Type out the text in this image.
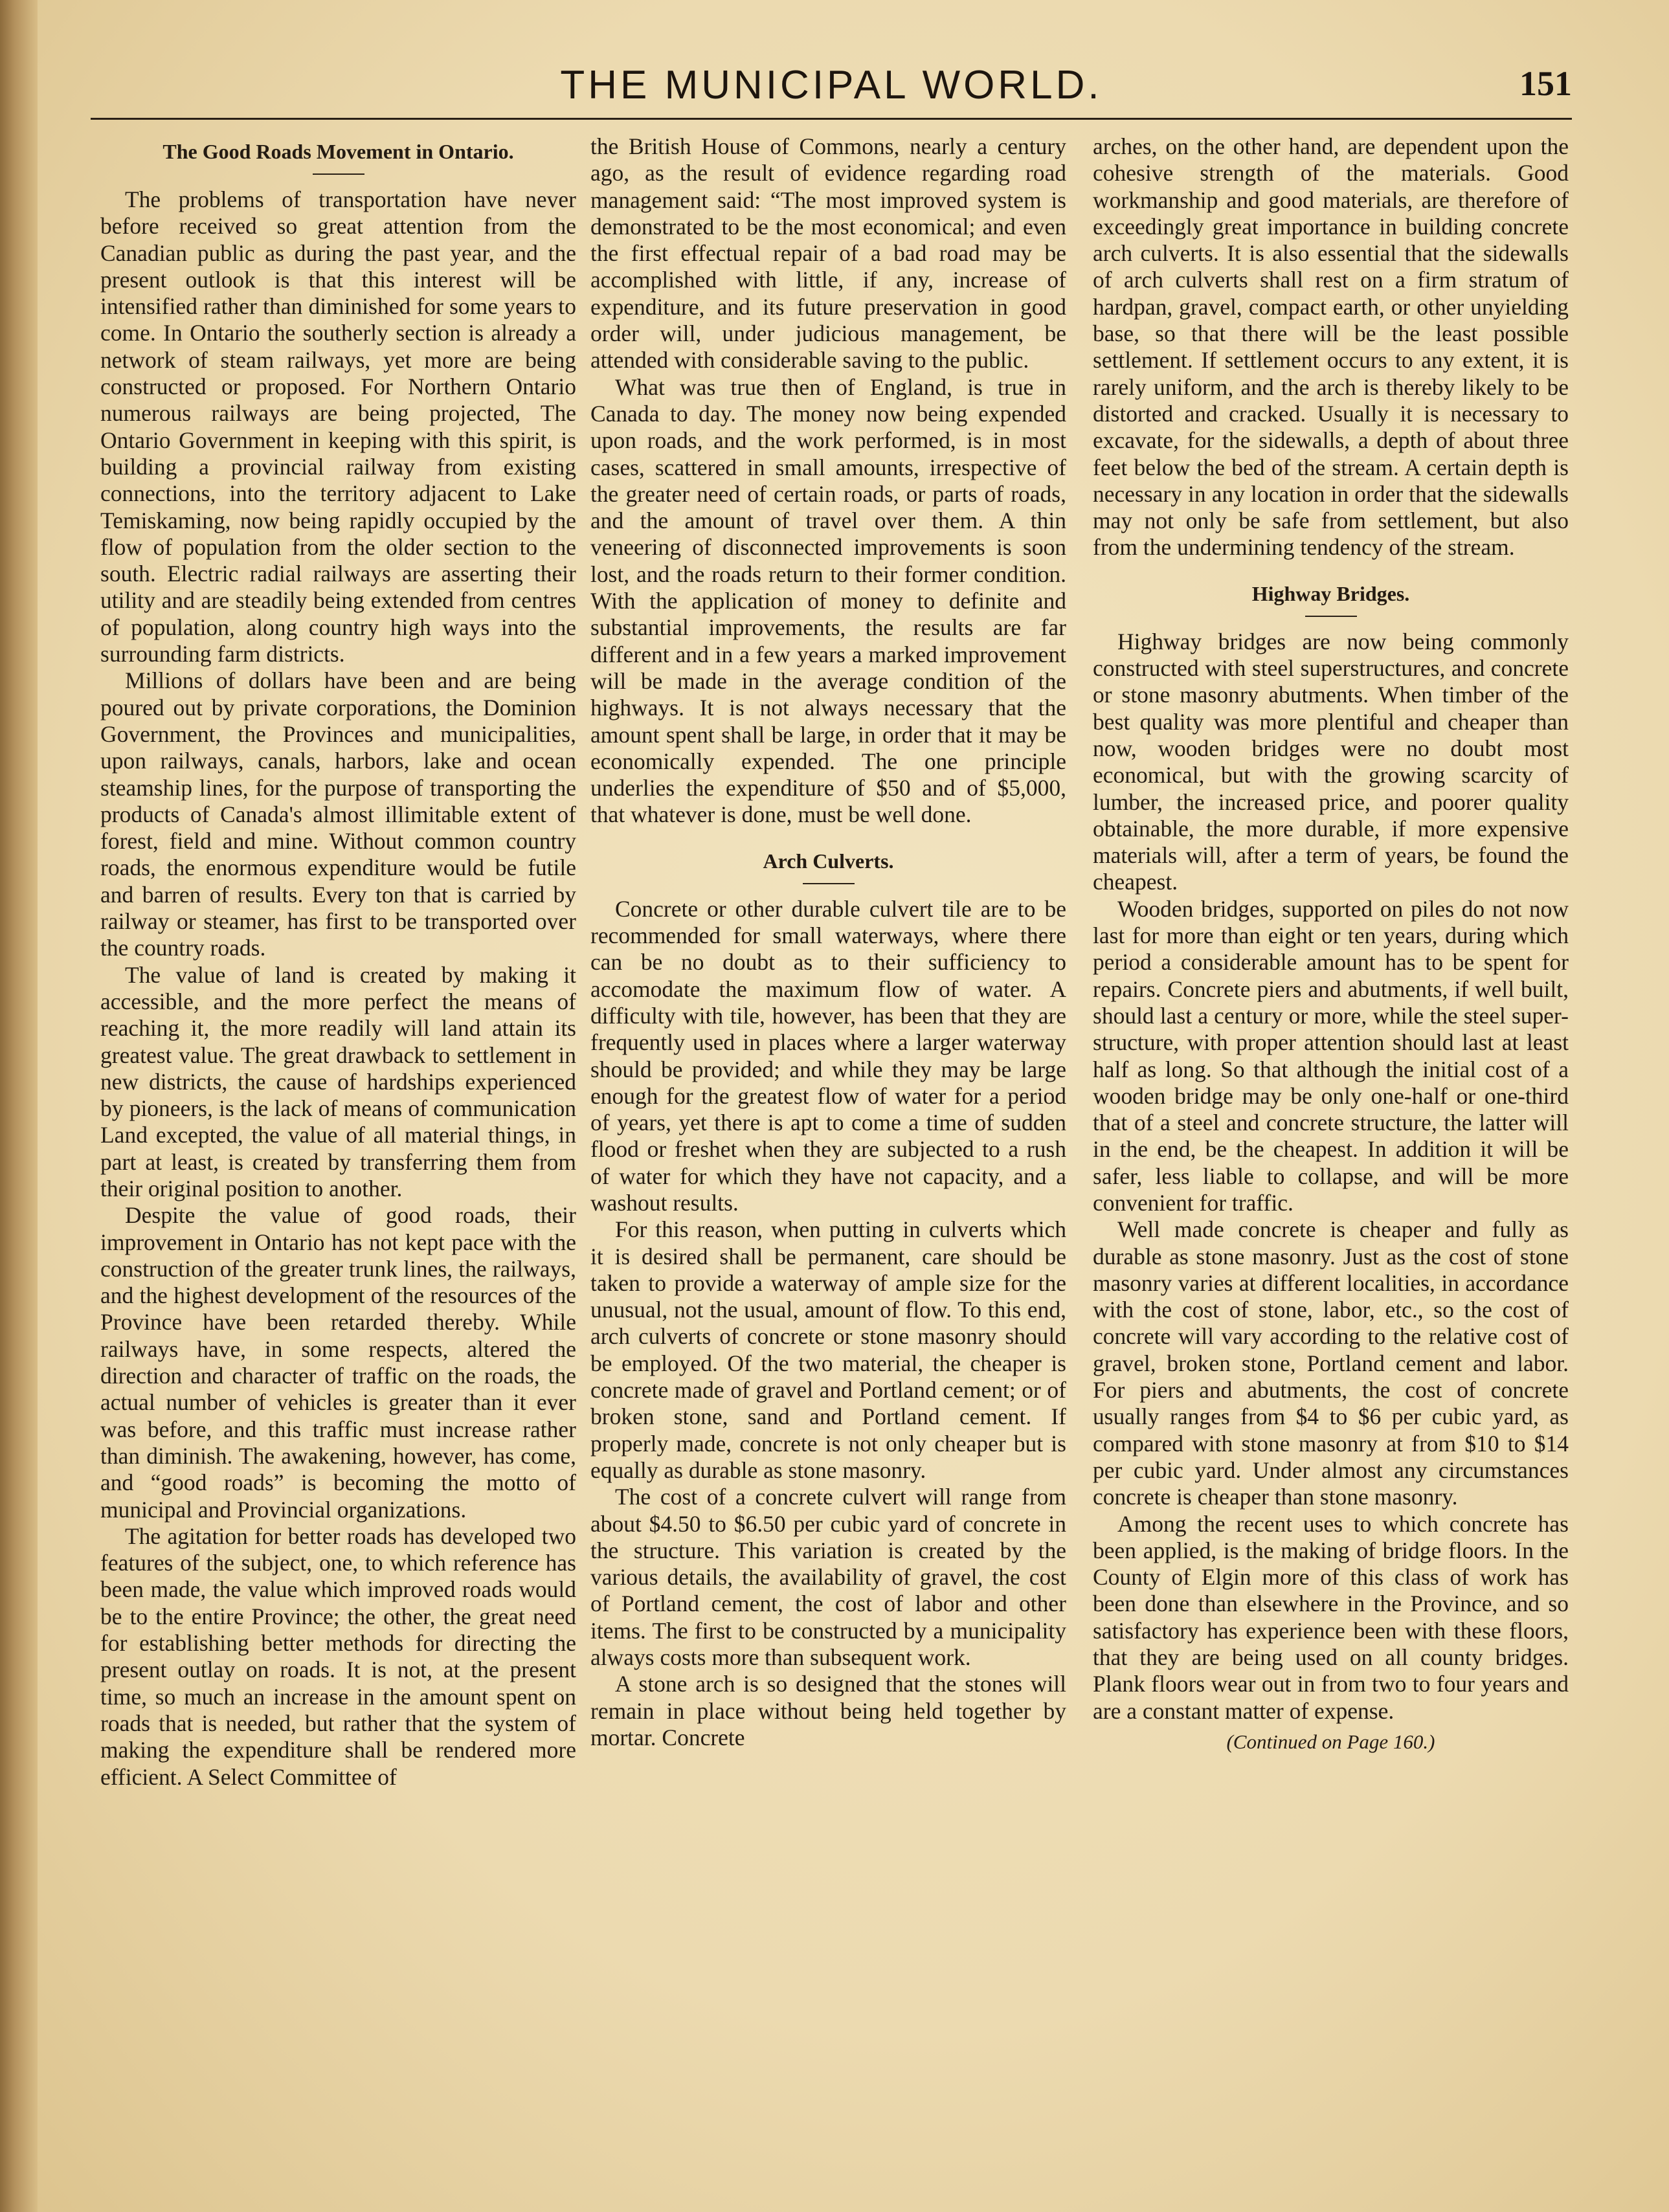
THE MUNICIPAL WORLD.	151
The Good Roads Movement in Ontario.

The problems of transportation have never before received so great attention from the Canadian public as during the past year, and the present outlook is that this interest will be intensified rather than diminished for some years to come. In Ontario the southerly section is already a network of steam railways, yet more are being constructed or proposed. For Northern Ontario numerous railways are being projected, The Ontario Government in keeping with this spirit, is building a provincial railway from existing connections, into the territory adjacent to Lake Temiskaming, now being rapidly occupied by the flow of population from the older section to the south. Electric radial railways are asserting their utility and are steadily being extended from centres of population, along country high ways into the surrounding farm districts.

Millions of dollars have been and are being poured out by private corporations, the Dominion Government, the Provinces and municipalities, upon railways, canals, harbors, lake and ocean steamship lines, for the purpose of transporting the products of Canada's almost illimitable extent of forest, field and mine. Without common country roads, the enormous expenditure would be futile and barren of results. Every ton that is carried by railway or steamer, has first to be transported over the country roads.

The value of land is created by making it accessible, and the more perfect the means of reaching it, the more readily will land attain its greatest value. The great drawback to settlement in new districts, the cause of hardships experienced by pioneers, is the lack of means of communication Land excepted, the value of all material things, in part at least, is created by transferring them from their original position to another.

Despite the value of good roads, their improvement in Ontario has not kept pace with the construction of the greater trunk lines, the railways, and the highest development of the resources of the Province have been retarded thereby. While railways have, in some respects, altered the direction and character of traffic on the roads, the actual number of vehicles is greater than it ever was before, and this traffic must increase rather than diminish. The awakening, however, has come, and “good roads” is becoming the motto of municipal and Provincial organizations.

The agitation for better roads has developed two features of the subject, one, to which reference has been made, the value which improved roads would be to the entire Province; the other, the great need for establishing better methods for directing the present outlay on roads. It is not, at the present time, so much an increase in the amount spent on roads that is needed, but rather that the system of making the expenditure shall be rendered more efficient. A Select Committee of

the British House of Commons, nearly a century ago, as the result of evidence regarding road management said: “The most improved system is demonstrated to be the most economical; and even the first effectual repair of a bad road may be accomplished with little, if any, increase of expenditure, and its future preservation in good order will, under judicious management, be attended with considerable saving to the public.

What was true then of England, is true in Canada to day. The money now being expended upon roads, and the work performed, is in most cases, scattered in small amounts, irrespective of the greater need of certain roads, or parts of roads, and the amount of travel over them. A thin veneering of disconnected improvements is soon lost, and the roads return to their former condition. With the application of money to definite and substantial improvements, the results are far different and in a few years a marked improvement will be made in the average condition of the highways. It is not always necessary that the amount spent shall be large, in order that it may be economically expended. The one principle underlies the expenditure of $50 and of $5,000, that whatever is done, must be well done.

Arch Culverts.

Concrete or other durable culvert tile are to be recommended for small waterways, where there can be no doubt as to their sufficiency to accomodate the maximum flow of water. A difficulty with tile, however, has been that they are frequently used in places where a larger waterway should be provided; and while they may be large enough for the greatest flow of water for a period of years, yet there is apt to come a time of sudden flood or freshet when they are subjected to a rush of water for which they have not capacity, and a washout results.

For this reason, when putting in culverts which it is desired shall be permanent, care should be taken to provide a waterway of ample size for the unusual, not the usual, amount of flow. To this end, arch culverts of concrete or stone masonry should be employed. Of the two material, the cheaper is concrete made of gravel and Portland cement; or of broken stone, sand and Portland cement. If properly made, concrete is not only cheaper but is equally as durable as stone masonry.

The cost of a concrete culvert will range from about $4.50 to $6.50 per cubic yard of concrete in the structure. This variation is created by the various details, the availability of gravel, the cost of Portland cement, the cost of labor and other items. The first to be constructed by a municipality always costs more than subsequent work.

A stone arch is so designed that the stones will remain in place without being held together by mortar. Concrete

arches, on the other hand, are dependent upon the cohesive strength of the materials. Good workmanship and good materials, are therefore of exceedingly great importance in building concrete arch culverts. It is also essential that the sidewalls of arch culverts shall rest on a firm stratum of hardpan, gravel, compact earth, or other unyielding base, so that there will be the least possible settlement. If settlement occurs to any extent, it is rarely uniform, and the arch is thereby likely to be distorted and cracked. Usually it is necessary to excavate, for the sidewalls, a depth of about three feet below the bed of the stream. A certain depth is necessary in any location in order that the sidewalls may not only be safe from settlement, but also from the undermining tendency of the stream.

Highway Bridges.

Highway bridges are now being commonly constructed with steel superstructures, and concrete or stone masonry abutments. When timber of the best quality was more plentiful and cheaper than now, wooden bridges were no doubt most economical, but with the growing scarcity of lumber, the increased price, and poorer quality obtainable, the more durable, if more expensive materials will, after a term of years, be found the cheapest.

Wooden bridges, supported on piles do not now last for more than eight or ten years, during which period a considerable amount has to be spent for repairs. Concrete piers and abutments, if well built, should last a century or more, while the steel super-structure, with proper attention should last at least half as long. So that although the initial cost of a wooden bridge may be only one-half or one-third that of a steel and concrete structure, the latter will in the end, be the cheapest. In addition it will be safer, less liable to collapse, and will be more convenient for traffic.

Well made concrete is cheaper and fully as durable as stone masonry. Just as the cost of stone masonry varies at different localities, in accordance with the cost of stone, labor, etc., so the cost of concrete will vary according to the relative cost of gravel, broken stone, Portland cement and labor. For piers and abutments, the cost of concrete usually ranges from $4 to $6 per cubic yard, as compared with stone masonry at from $10 to $14 per cubic yard. Under almost any circumstances concrete is cheaper than stone masonry.

Among the recent uses to which concrete has been applied, is the making of bridge floors. In the County of Elgin more of this class of work has been done than elsewhere in the Province, and so satisfactory has experience been with these floors, that they are being used on all county bridges. Plank floors wear out in from two to four years and are a constant matter of expense.

(Continued on Page 160.)
